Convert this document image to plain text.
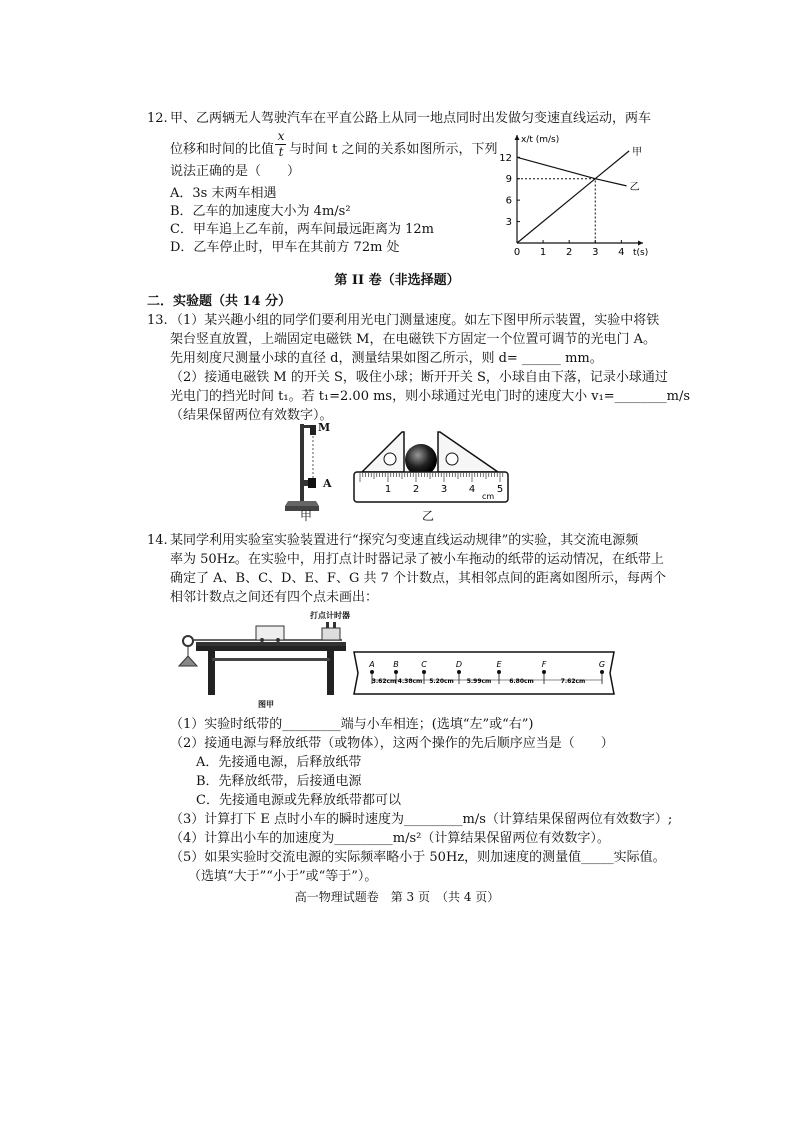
12. 甲、乙两辆无人驾驶汽车在平直公路上从同一地点同时出发做匀变速直线运动，两车
位移和时间的比值
x
t 与时间 t 之间的关系如图所示，下列
说法正确的是（　　）
A．3s 末两车相遇
B．乙车的加速度大小为 4m/s²
C．甲车追上乙车前，两车间最远距离为 12m
D．乙车停止时，甲车在其前方 72m 处	0 1 2 3 4
3
6
9
12
t(s)
x/t (m/s)
甲
乙
第 II 卷（非选择题）
二．实验题（共 14 分）
13. （1）某兴趣小组的同学们要利用光电门测量速度。如左下图甲所示装置，实验中将铁
架台竖直放置，上端固定电磁铁 M，在电磁铁下方固定一个位置可调节的光电门 A。
先用刻度尺测量小球的直径 d，测量结果如图乙所示，则 d= ______ mm。
（2）接通电磁铁 M 的开关 S，吸住小球；断开开关 S，小球自由下落，记录小球通过
光电门的挡光时间 t₁。若 t₁=2.00 ms，则小球通过光电门时的速度大小 v₁=________m/s
（结果保留两位有效数字）。
M
A
甲
1 2 3 4 5
cm
乙
14. 某同学利用实验室实验装置进行“探究匀变速直线运动规律”的实验，其交流电源频
率为 50Hz。在实验中，用打点计时器记录了被小车拖动的纸带的运动情况，在纸带上
确定了 A、B、C、D、E、F、G 共 7 个计数点，其相邻点间的距离如图所示，每两个
相邻计数点之间还有四个点未画出：
打点计时器
图甲
A B	C	D	E	F	G
3.62cm 4.38cm 5.20cm 5.99cm	6.80cm	7.62cm
（1）实验时纸带的_________端与小车相连；(选填“左”或“右”)
（2）接通电源与释放纸带（或物体），这两个操作的先后顺序应当是（　　）
A．先接通电源，后释放纸带
B．先释放纸带，后接通电源
C．先接通电源或先释放纸带都可以
（3）计算打下 E 点时小车的瞬时速度为_________m/s（计算结果保留两位有效数字）;
（4）计算出小车的加速度为_________m/s²（计算结果保留两位有效数字）。
（5）如果实验时交流电源的实际频率略小于 50Hz，则加速度的测量值_____实际值。
（选填“大于”“小于”或“等于”）。
高一物理试题卷　第 3 页　（共 4 页）
